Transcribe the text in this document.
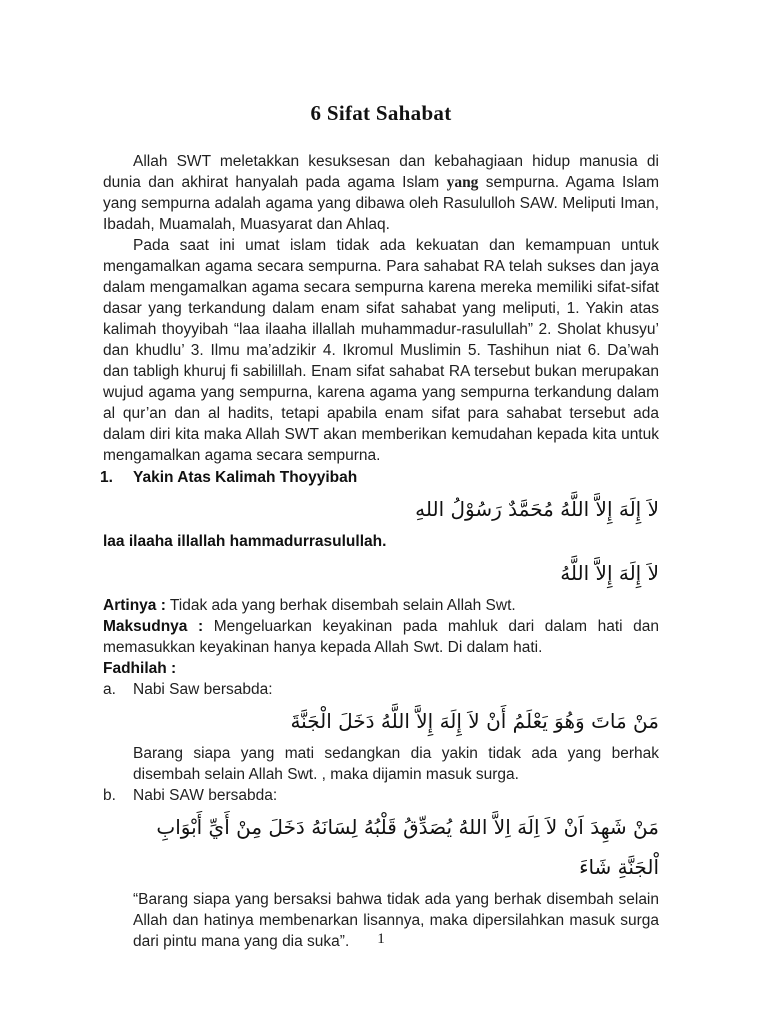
6 Sifat Sahabat

Allah SWT meletakkan kesuksesan dan kebahagiaan hidup manusia di dunia dan akhirat hanyalah pada agama Islam yang sempurna. Agama Islam yang sempurna adalah agama yang dibawa oleh Rasululloh SAW. Meliputi Iman, Ibadah, Muamalah, Muasyarat dan Ahlaq.

Pada saat ini umat islam tidak ada kekuatan dan kemampuan untuk mengamalkan agama secara sempurna. Para sahabat RA telah sukses dan jaya dalam mengamalkan agama secara sempurna karena mereka memiliki sifat-sifat dasar yang terkandung dalam enam sifat sahabat yang meliputi, 1. Yakin atas kalimah thoyyibah “laa ilaaha illallah muhammadur-rasulullah” 2. Sholat khusyu’ dan khudlu’ 3. Ilmu ma’adzikir 4. Ikromul Muslimin 5. Tashihun niat 6. Da’wah dan tabligh khuruj fi sabilillah. Enam sifat sahabat RA tersebut bukan merupakan wujud agama yang sempurna, karena agama yang sempurna terkandung dalam al qur’an dan al hadits, tetapi apabila enam sifat para sahabat tersebut ada dalam diri kita maka Allah SWT akan memberikan kemudahan kepada kita untuk mengamalkan agama secara sempurna.

1.	Yakin Atas Kalimah Thoyyibah
لاَ إِلَهَ إِلاَّ اللَّهُ مُحَمَّدٌ رَسُوْلُ اللهِ

laa ilaaha illallah hammadurrasulullah.

لاَ إِلَهَ إِلاَّ اللَّهُ

Artinya : Tidak ada yang berhak disembah selain Allah Swt.

Maksudnya : Mengeluarkan keyakinan pada mahluk dari dalam hati dan memasukkan keyakinan hanya kepada Allah Swt. Di dalam hati.

Fadhilah :

a.	Nabi Saw bersabda:
مَنْ مَاتَ وَهُوَ يَعْلَمُ أَنْ لاَ إِلَهَ إِلاَّ اللَّهُ دَخَلَ الْجَنَّةَ

Barang siapa yang mati sedangkan dia yakin tidak ada yang berhak disembah selain Allah Swt. , maka dijamin masuk surga.

b.	Nabi SAW bersabda:
مَنْ شَهِدَ اَنْ لاَ اِلَهَ اِلاَّ اللهُ يُصَدِّقُ قَلْبُهُ لِسَانَهُ دَخَلَ مِنْ أَيِّ أَبْوَابِ
اْلجَنَّةِ شَاءَ

“Barang siapa yang bersaksi bahwa tidak ada yang berhak disembah selain Allah dan hatinya membenarkan lisannya, maka dipersilahkan masuk surga dari pintu mana yang dia suka”.	1
